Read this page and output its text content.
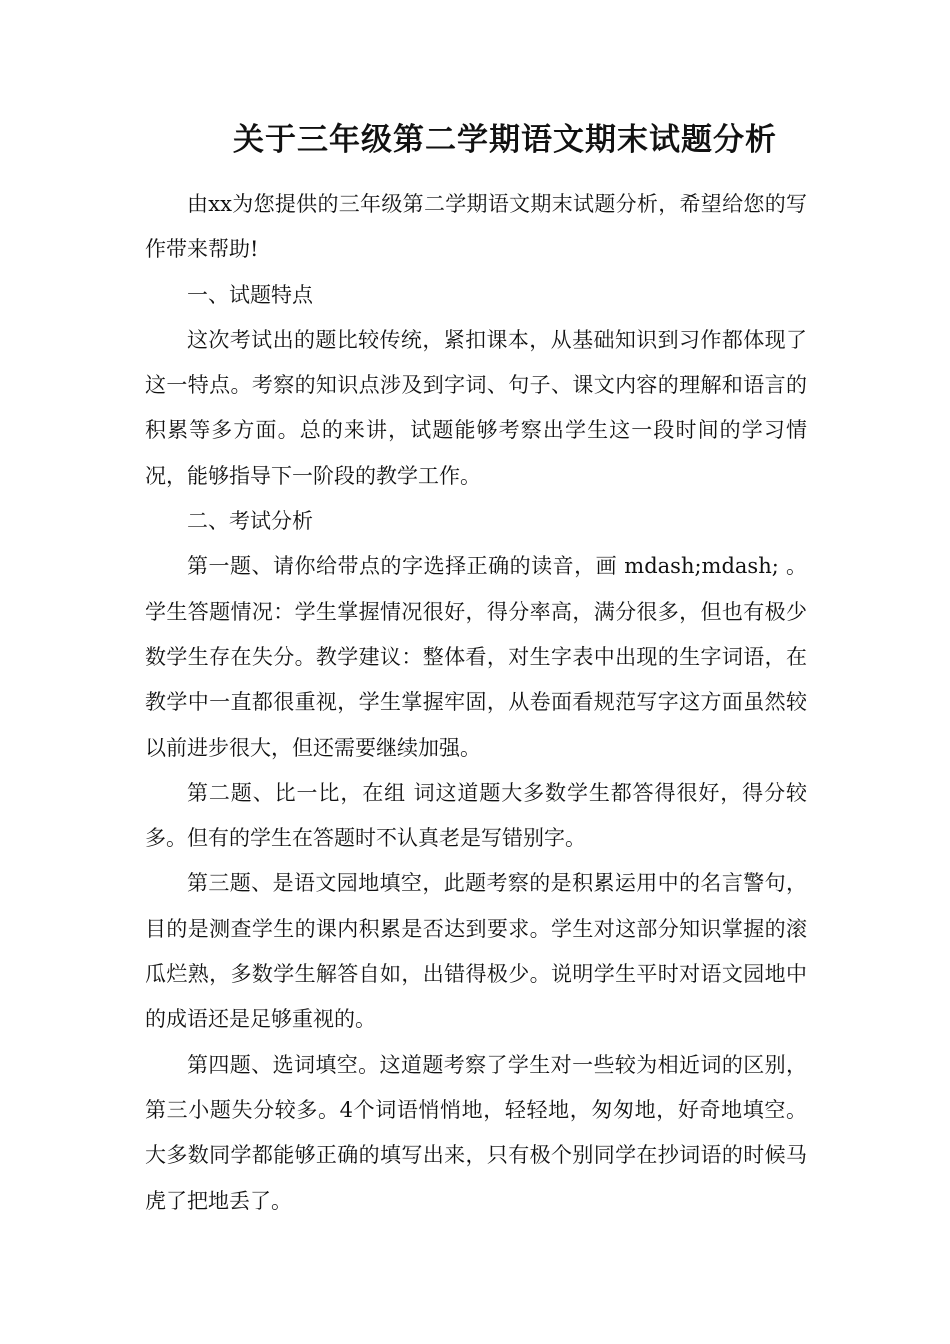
关于三年级第二学期语文期末试题分析

由xx为您提供的三年级第二学期语文期末试题分析，希望给您的写作带来帮助!

一、试题特点

这次考试出的题比较传统，紧扣课本，从基础知识到习作都体现了这一特点。考察的知识点涉及到字词、句子、课文内容的理解和语言的积累等多方面。总的来讲，试题能够考察出学生这一段时间的学习情况，能够指导下一阶段的教学工作。

二、考试分析

第一题、请你给带点的字选择正确的读音，画 mdash;mdash; 。学生答题情况：学生掌握情况很好，得分率高，满分很多，但也有极少数学生存在失分。教学建议：整体看，对生字表中出现的生字词语，在教学中一直都很重视，学生掌握牢固，从卷面看规范写字这方面虽然较以前进步很大，但还需要继续加强。

第二题、比一比，在组 词这道题大多数学生都答得很好，得分较多。但有的学生在答题时不认真老是写错别字。

第三题、是语文园地填空，此题考察的是积累运用中的名言警句，目的是测查学生的课内积累是否达到要求。学生对这部分知识掌握的滚瓜烂熟，多数学生解答自如，出错得极少。说明学生平时对语文园地中的成语还是足够重视的。

第四题、选词填空。这道题考察了学生对一些较为相近词的区别，第三小题失分较多。4个词语悄悄地，轻轻地，匆匆地，好奇地填空。大多数同学都能够正确的填写出来，只有极个别同学在抄词语的时候马虎了把地丢了。
